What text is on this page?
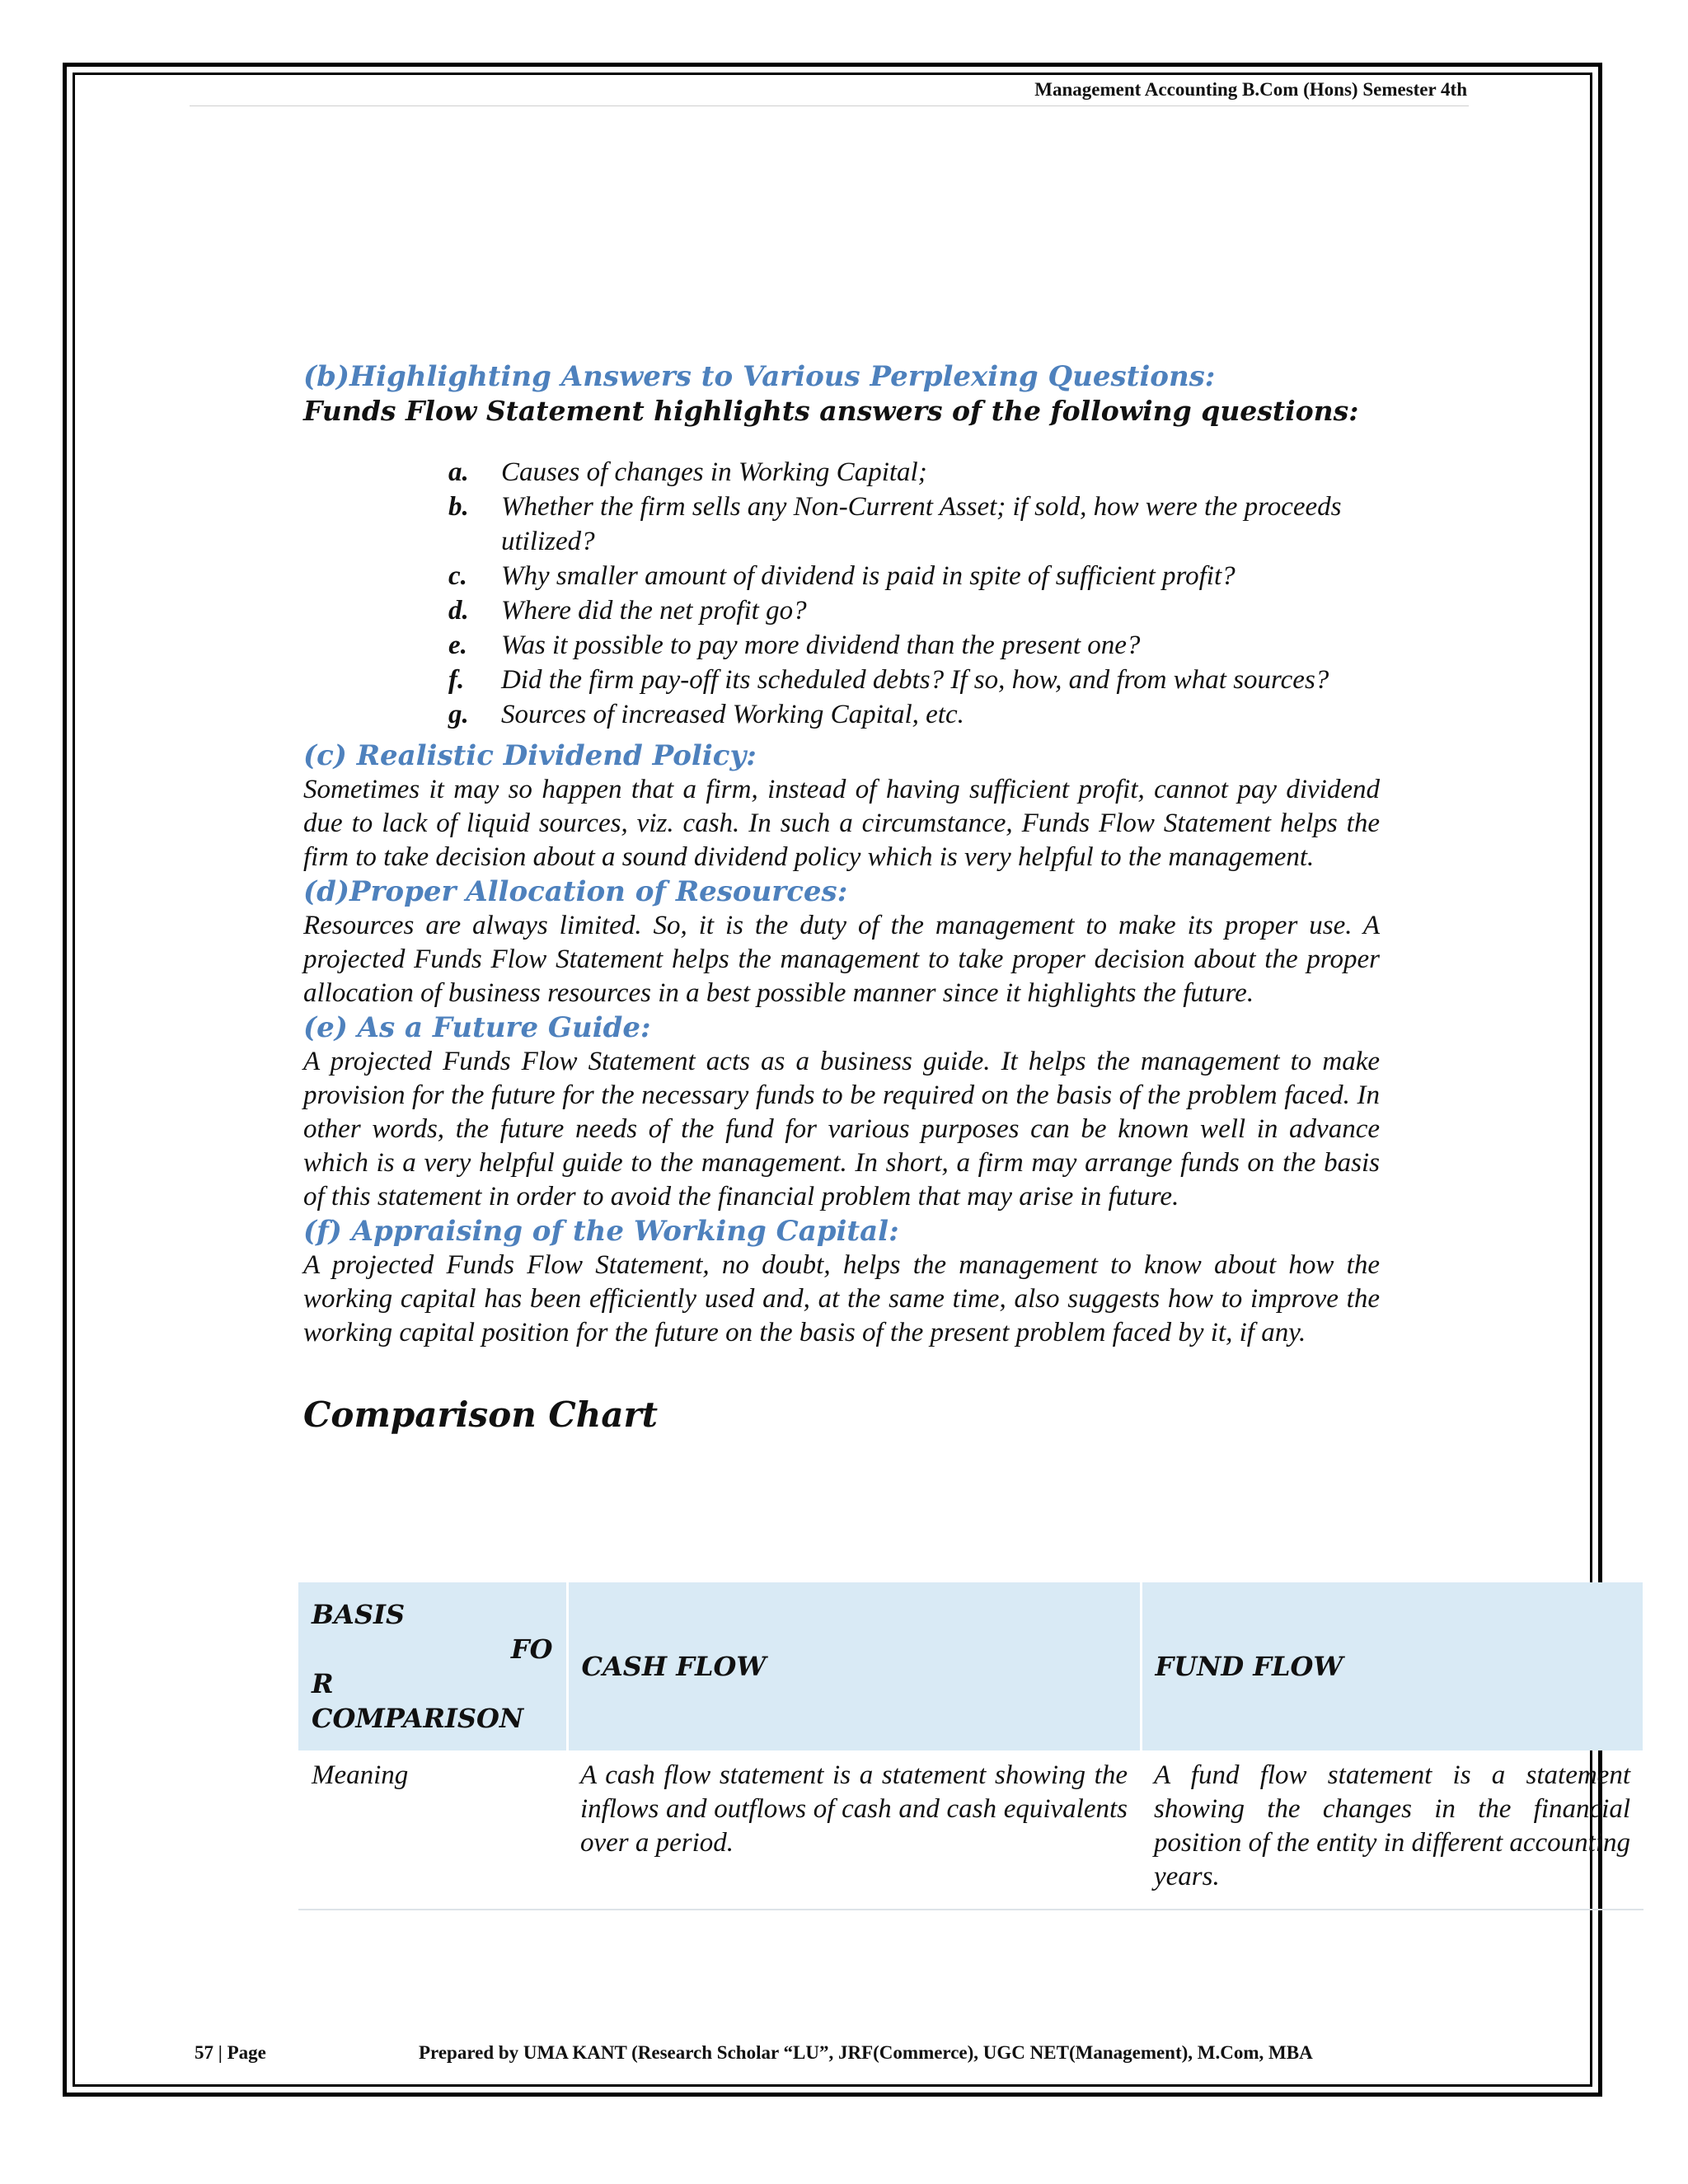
Management Accounting B.Com (Hons) Semester 4th
(b)Highlighting Answers to Various Perplexing Questions:

Funds Flow Statement highlights answers of the following questions:

a.	Causes of changes in Working Capital;
b.	Whether the firm sells any Non-Current Asset; if sold, how were the proceeds utilized?
c.	Why smaller amount of dividend is paid in spite of sufficient profit?
d.	Where did the net profit go?
e.	Was it possible to pay more dividend than the present one?
f.	Did the firm pay-off its scheduled debts? If so, how, and from what sources?
g.	Sources of increased Working Capital, etc.
(c) Realistic Dividend Policy:

Sometimes it may so happen that a firm, instead of having sufficient profit, cannot pay dividend due to lack of liquid sources, viz. cash. In such a circumstance, Funds Flow Statement helps the firm to take decision about a sound dividend policy which is very helpful to the management.

(d)Proper Allocation of Resources:

Resources are always limited. So, it is the duty of the management to make its proper use. A projected Funds Flow Statement helps the management to take proper decision about the proper allocation of business resources in a best possible manner since it highlights the future.

(e) As a Future Guide:

A projected Funds Flow Statement acts as a business guide. It helps the management to make provision for the future for the necessary funds to be required on the basis of the problem faced. In other words, the future needs of the fund for various purposes can be known well in advance which is a very helpful guide to the management. In short, a firm may arrange funds on the basis of this statement in order to avoid the financial problem that may arise in future.

(f) Appraising of the Working Capital:

A projected Funds Flow Statement, no doubt, helps the management to know about how the working capital has been efficiently used and, at the same time, also suggests how to improve the working capital position for the future on the basis of the present problem faced by it, if any.

Comparison Chart
BASIS
FO
R
COMPARISON	CASH FLOW	FUND FLOW
Meaning	A cash flow statement is a statement showing the inflows and outflows of cash and cash equivalents over a period.	A fund flow statement is a statement showing the changes in the financial position of the entity in different accounting years.
57 | Page	Prepared by UMA KANT (Research Scholar “LU”, JRF(Commerce), UGC NET(Management), M.Com, MBA
